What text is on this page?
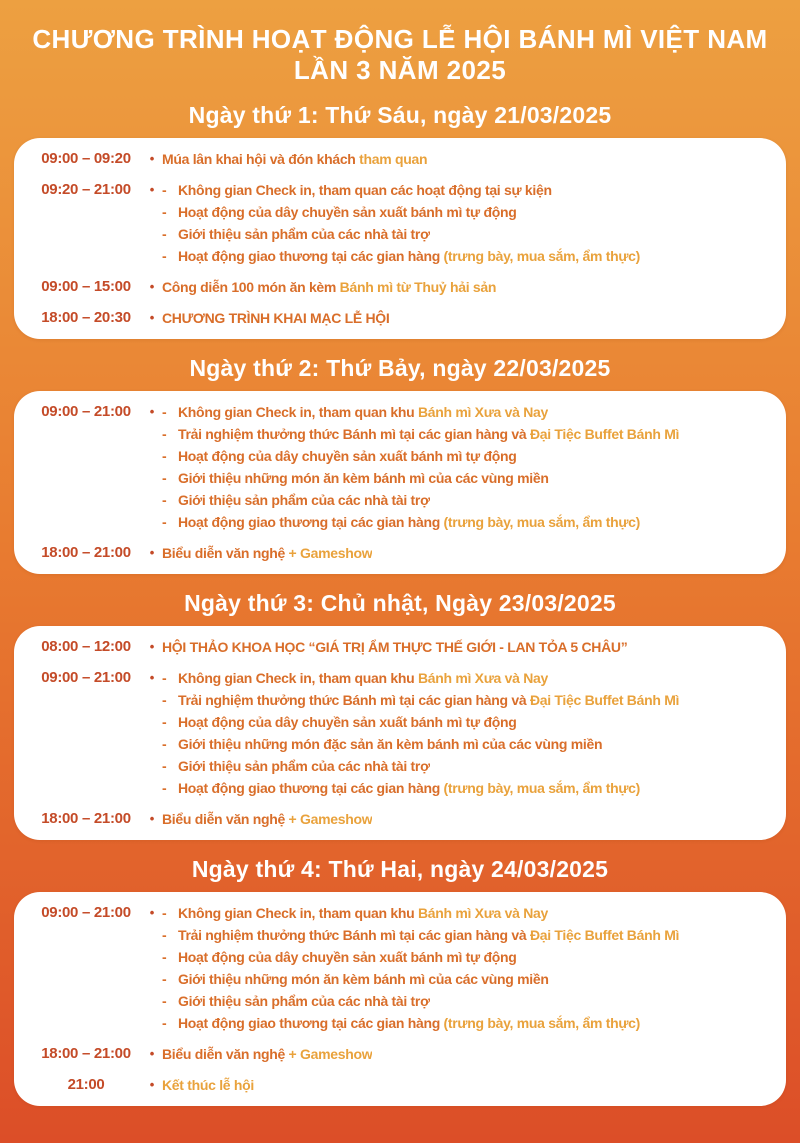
CHƯƠNG TRÌNH HOẠT ĐỘNG LỄ HỘI BÁNH MÌ VIỆT NAM
LẦN 3 NĂM 2025
Ngày thứ 1: Thứ Sáu, ngày 21/03/2025
09:00 – 09:20	• Múa lân khai hội và đón khách tham quan
09:20 – 21:00	• - Không gian Check in, tham quan các hoạt động tại sự kiện
- Hoạt động của dây chuyền sản xuất bánh mì tự động
- Giới thiệu sản phẩm của các nhà tài trợ
- Hoạt động giao thương tại các gian hàng (trưng bày, mua sắm, ẩm thực)
09:00 – 15:00	• Công diễn 100 món ăn kèm Bánh mì từ Thuỷ hải sản
18:00 – 20:30	• CHƯƠNG TRÌNH KHAI MẠC LỄ HỘI
Ngày thứ 2: Thứ Bảy, ngày 22/03/2025
09:00 – 21:00	• - Không gian Check in, tham quan khu Bánh mì Xưa và Nay
- Trải nghiệm thưởng thức Bánh mì tại các gian hàng và Đại Tiệc Buffet Bánh Mì
- Hoạt động của dây chuyền sản xuất bánh mì tự động
- Giới thiệu những món ăn kèm bánh mì của các vùng miền
- Giới thiệu sản phẩm của các nhà tài trợ
- Hoạt động giao thương tại các gian hàng (trưng bày, mua sắm, ẩm thực)
18:00 – 21:00	• Biểu diễn văn nghệ + Gameshow
Ngày thứ 3: Chủ nhật, Ngày 23/03/2025
08:00 – 12:00	• HỘI THẢO KHOA HỌC “GIÁ TRỊ ẨM THỰC THẾ GIỚI - LAN TỎA 5 CHÂU”
09:00 – 21:00	• - Không gian Check in, tham quan khu Bánh mì Xưa và Nay
- Trải nghiệm thưởng thức Bánh mì tại các gian hàng và Đại Tiệc Buffet Bánh Mì
- Hoạt động của dây chuyền sản xuất bánh mì tự động
- Giới thiệu những món đặc sản ăn kèm bánh mì của các vùng miền
- Giới thiệu sản phẩm của các nhà tài trợ
- Hoạt động giao thương tại các gian hàng (trưng bày, mua sắm, ẩm thực)
18:00 – 21:00	• Biểu diễn văn nghệ + Gameshow
Ngày thứ 4: Thứ Hai, ngày 24/03/2025
09:00 – 21:00	• - Không gian Check in, tham quan khu Bánh mì Xưa và Nay
- Trải nghiệm thưởng thức Bánh mì tại các gian hàng và Đại Tiệc Buffet Bánh Mì
- Hoạt động của dây chuyền sản xuất bánh mì tự động
- Giới thiệu những món ăn kèm bánh mì của các vùng miền
- Giới thiệu sản phẩm của các nhà tài trợ
- Hoạt động giao thương tại các gian hàng (trưng bày, mua sắm, ẩm thực)
18:00 – 21:00	• Biểu diễn văn nghệ + Gameshow
21:00	• Kết thúc lễ hội
